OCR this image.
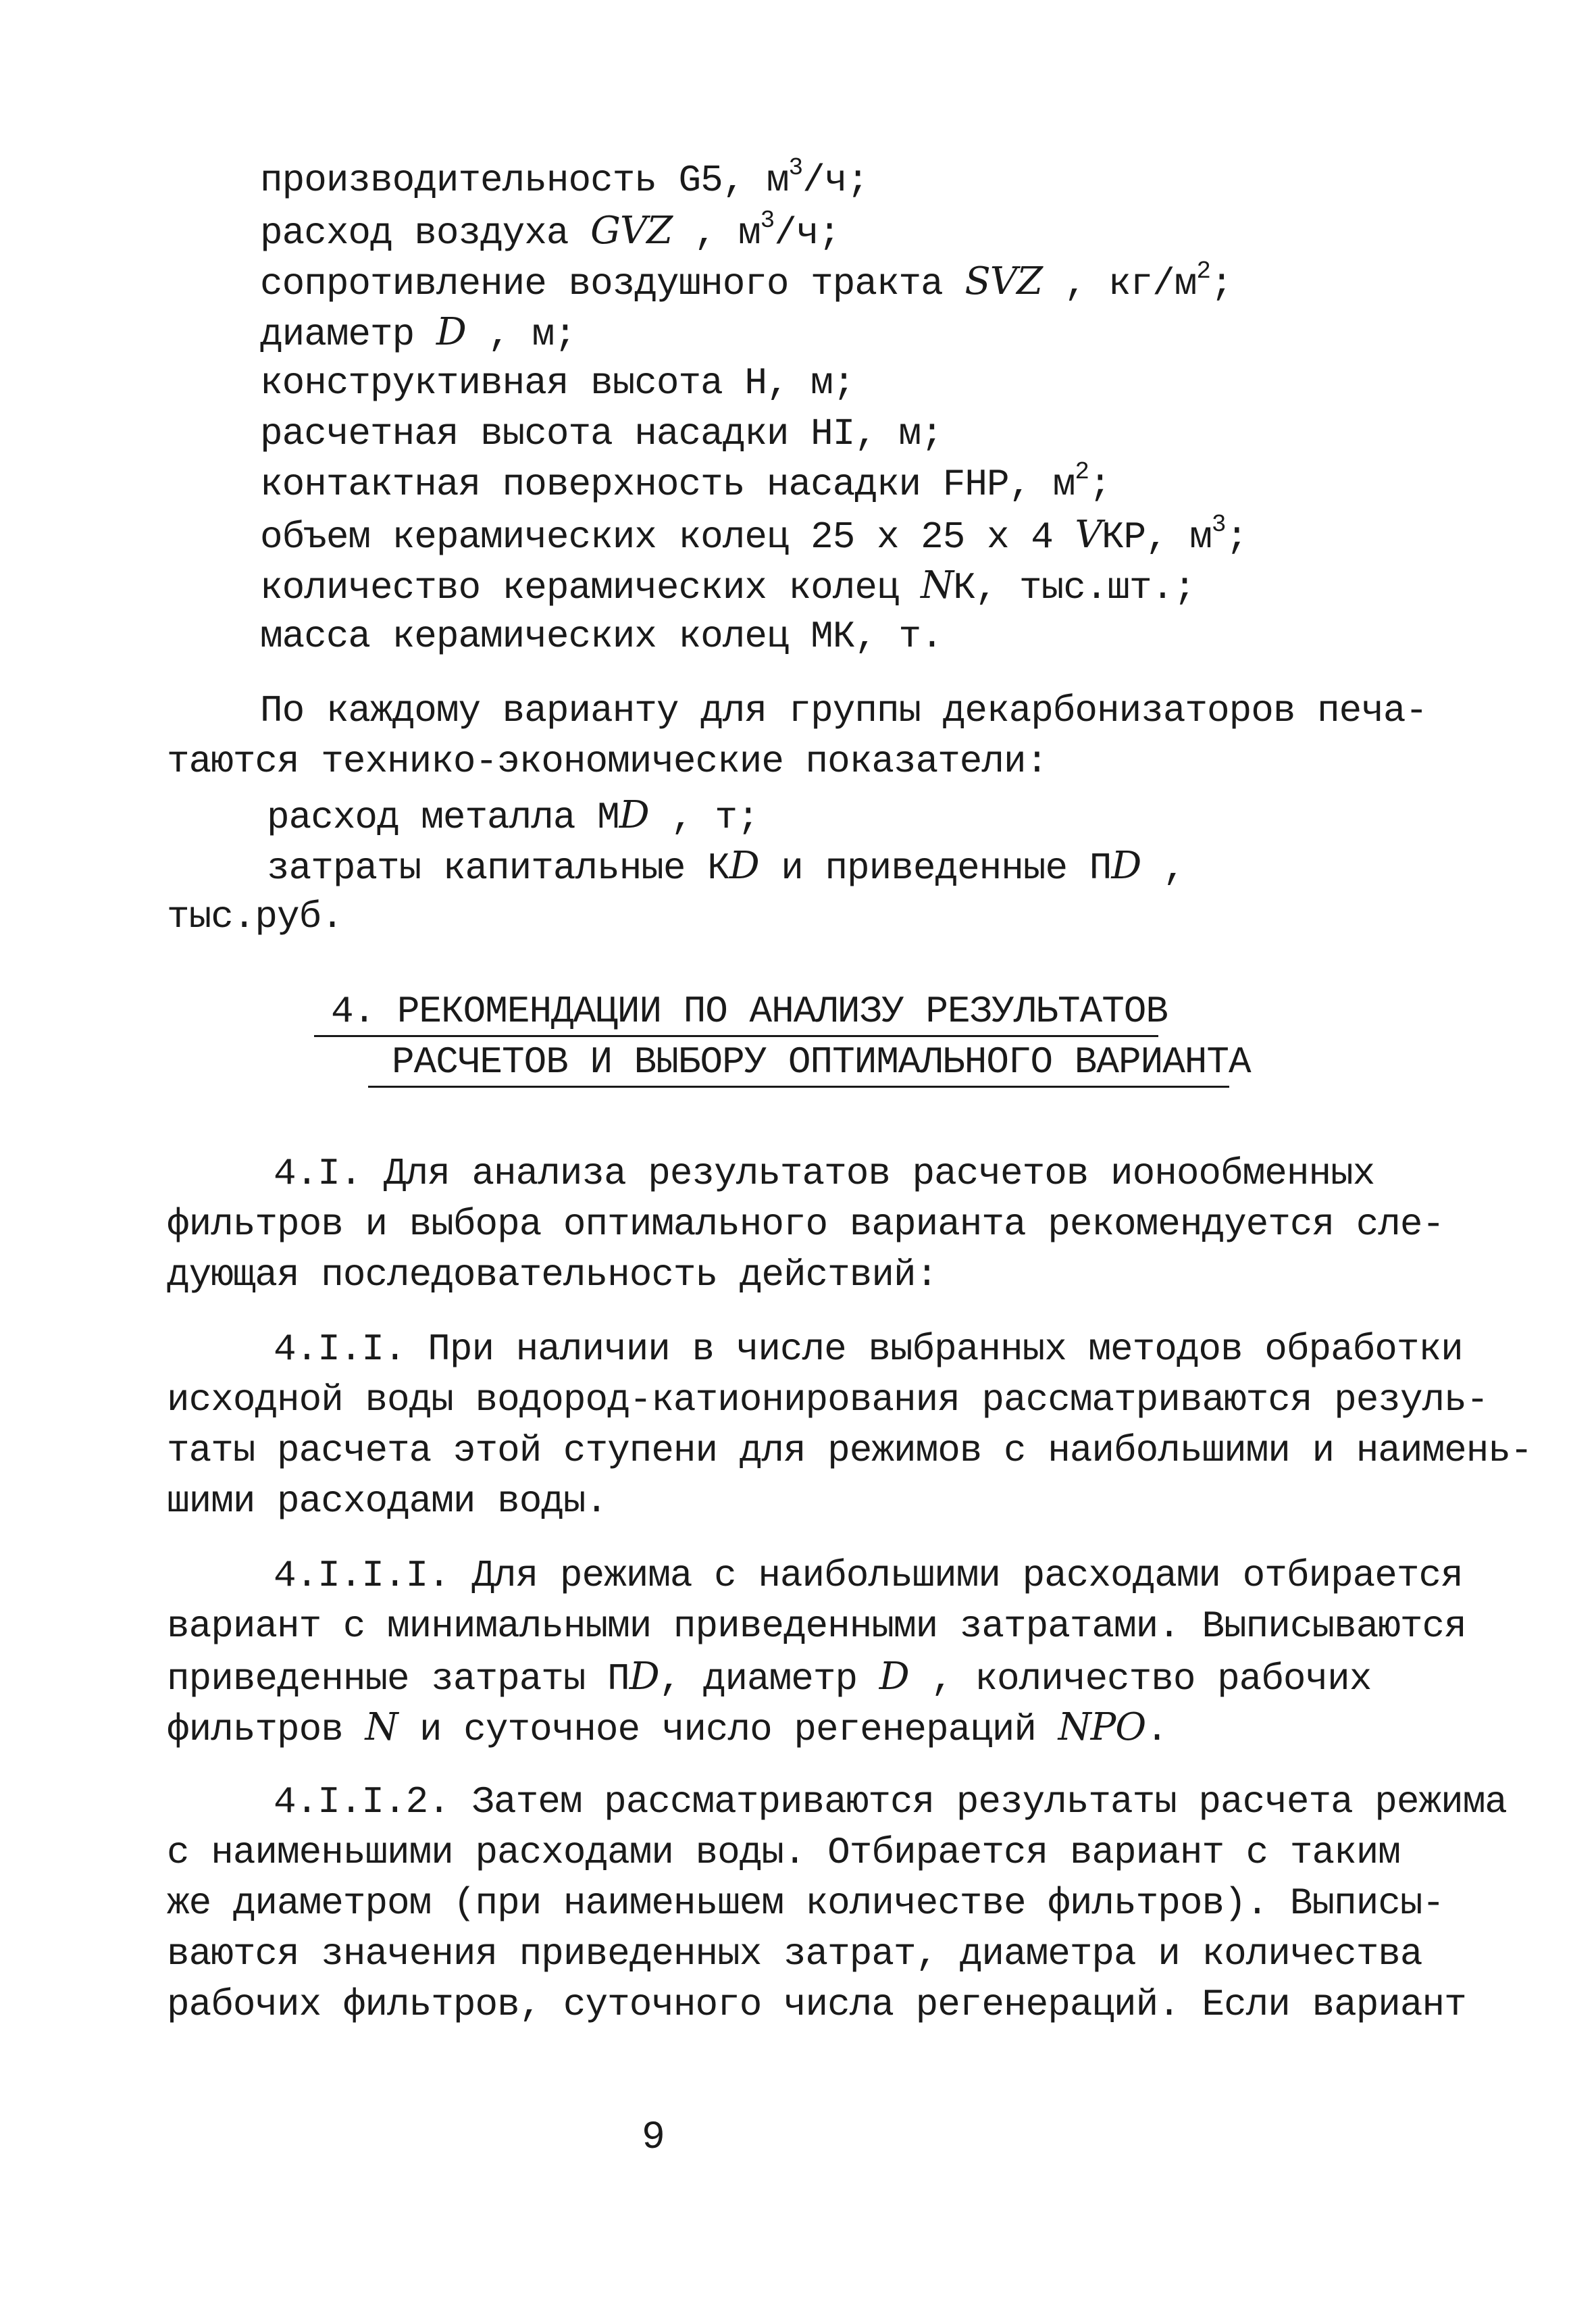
производительность G5, $м^3/ч$;
расход воздуха GVZ , $м^3/ч$;
сопротивление воздушного тракта SVZ , $кг/м^2$;
диаметр D , м;
конструктивная высота Н, м;
расчетная высота насадки НI, м;
контактная поверхность насадки FНР, $м^2$;
объем керамических колец 25 х 25 х 4 VКР, $м^3$;
количество керамических колец NК, тыс.шт.;
масса керамических колец МК, т.
По каждому варианту для группы декарбонизаторов печа-
таются технико-экономические показатели:
расход металла МD , т;
затраты капитальные КD и приведенные ПD ,
тыс.руб.
4. РЕКОМЕНДАЦИИ ПО АНАЛИЗУ РЕЗУЛЬТАТОВ
РАСЧЕТОВ И ВЫБОРУ ОПТИМАЛЬНОГО ВАРИАНТА
4.I. Для анализа результатов расчетов ионообменных
фильтров и выбора оптимального варианта рекомендуется сле-
дующая последовательность действий:
4.I.I. При наличии в числе выбранных методов обработки
исходной воды водород-катионирования рассматриваются резуль-
таты расчета этой ступени для режимов с наибольшими и наимень-
шими расходами воды.
4.I.I.I. Для режима с наибольшими расходами отбирается
вариант с минимальными приведенными затратами. Выписываются
приведенные затраты ПD, диаметр D , количество рабочих
фильтров N и суточное число регенераций NPO.
4.I.I.2. Затем рассматриваются результаты расчета режима
с наименьшими расходами воды. Отбирается вариант с таким
же диаметром (при наименьшем количестве фильтров). Выписы-
ваются значения приведенных затрат, диаметра и количества
рабочих фильтров, суточного числа регенераций. Если вариант
9
